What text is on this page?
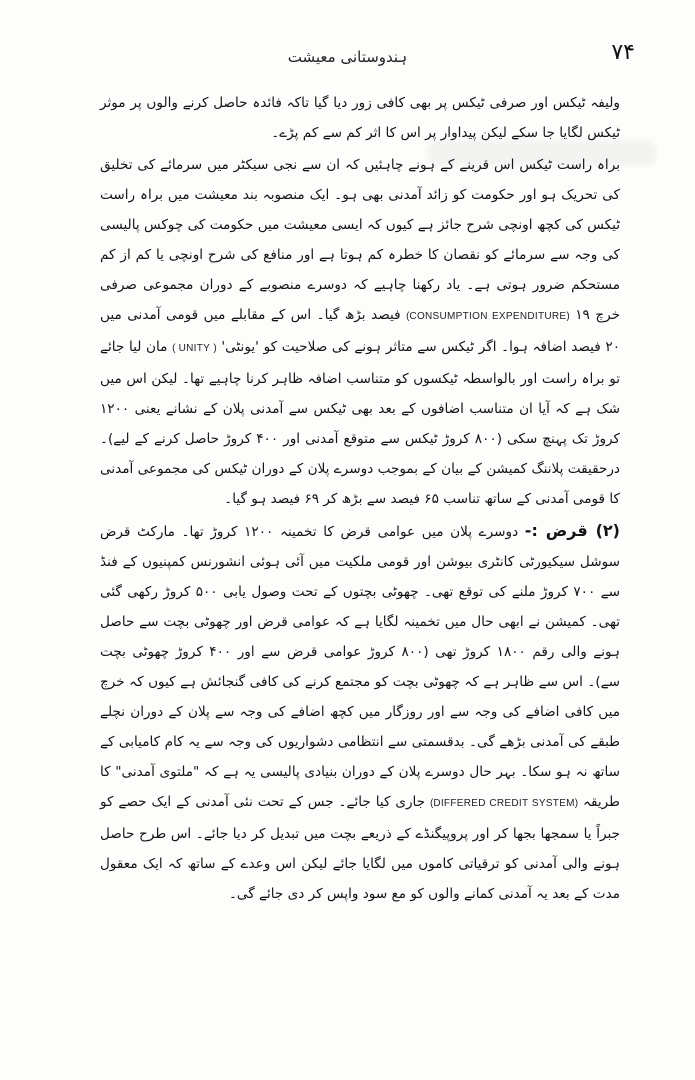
ہندوستانی معیشت	۷۴

ولیفہ ٹیکس اور صرفی ٹیکس پر بھی کافی زور دیا گیا تاکہ فائدہ حاصل کرنے والوں پر موثر ٹیکس لگایا جا سکے لیکن پیداوار پر اس کا اثر کم سے کم پڑے۔

براہ راست ٹیکس اس قرینے کے ہونے چاہئیں کہ ان سے نجی سیکٹر میں سرمائے کی تخلیق کی تحریک ہو اور حکومت کو زائد آمدنی بھی ہو۔ ایک منصوبہ بند معیشت میں براہ راست ٹیکس کی کچھ اونچی شرح جائز ہے کیوں کہ ایسی معیشت میں حکومت کی چوکس پالیسی کی وجہ سے سرمائے کو نقصان کا خطرہ کم ہوتا ہے اور منافع کی شرح اونچی یا کم از کم مستحکم ضرور ہوتی ہے۔ یاد رکھنا چاہیے کہ دوسرے منصوبے کے دوران مجموعی صرفی خرچ (CONSUMPTION EXPENDITURE) ۱۹ فیصد بڑھ گیا۔ اس کے مقابلے میں قومی آمدنی میں ۲۰ فیصد اضافہ ہوا۔ اگر ٹیکس سے متاثر ہونے کی صلاحیت کو 'یونٹی' ( UNITY ) مان لیا جائے تو براہ راست اور بالواسطہ ٹیکسوں کو متناسب اضافہ ظاہر کرنا چاہیے تھا۔ لیکن اس میں شک ہے کہ آیا ان متناسب اضافوں کے بعد بھی ٹیکس سے آمدنی پلان کے نشانے یعنی ۱۲۰۰ کروڑ تک پہنچ سکی (۸۰۰ کروڑ ٹیکس سے متوقع آمدنی اور ۴۰۰ کروڑ حاصل کرنے کے لیے)۔ درحقیقت پلاننگ کمیشن کے بیان کے بموجب دوسرے پلان کے دوران ٹیکس کی مجموعی آمدنی کا قومی آمدنی کے ساتھ تناسب ۶۵ فیصد سے بڑھ کر ۶۹ فیصد ہو گیا۔

(۲) قرض :- دوسرے پلان میں عوامی قرض کا تخمینہ ۱۲۰۰ کروڑ تھا۔ مارکٹ قرض سوشل سیکیورٹی کانٹری بیوشن اور قومی ملکیت میں آئی ہوئی انشورنس کمپنیوں کے فنڈ سے ۷۰۰ کروڑ ملنے کی توقع تھی۔ چھوٹی بچتوں کے تحت وصول یابی ۵۰۰ کروڑ رکھی گئی تھی۔ کمیشن نے ابھی حال میں تخمینہ لگایا ہے کہ عوامی قرض اور چھوٹی بچت سے حاصل ہونے والی رقم ۱۸۰۰ کروڑ تھی (۸۰۰ کروڑ عوامی قرض سے اور ۴۰۰ کروڑ چھوٹی بچت سے)۔ اس سے ظاہر ہے کہ چھوٹی بچت کو مجتمع کرنے کی کافی گنجائش ہے کیوں کہ خرچ میں کافی اضافے کی وجہ سے اور روزگار میں کچھ اضافے کی وجہ سے پلان کے دوران نچلے طبقے کی آمدنی بڑھے گی۔ بدقسمتی سے انتظامی دشواریوں کی وجہ سے یہ کام کامیابی کے ساتھ نہ ہو سکا۔ بہر حال دوسرے پلان کے دوران بنیادی پالیسی یہ ہے کہ "ملتوی آمدنی" کا طریقہ (DIFFERED CREDIT SYSTEM) جاری کیا جائے۔ جس کے تحت نئی آمدنی کے ایک حصے کو جبراً یا سمجھا بجھا کر اور پروپیگنڈے کے ذریعے بچت میں تبدیل کر دیا جائے۔ اس طرح حاصل ہونے والی آمدنی کو ترقیاتی کاموں میں لگایا جائے لیکن اس وعدے کے ساتھ کہ ایک معقول مدت کے بعد یہ آمدنی کمانے والوں کو مع سود واپس کر دی جائے گی۔
